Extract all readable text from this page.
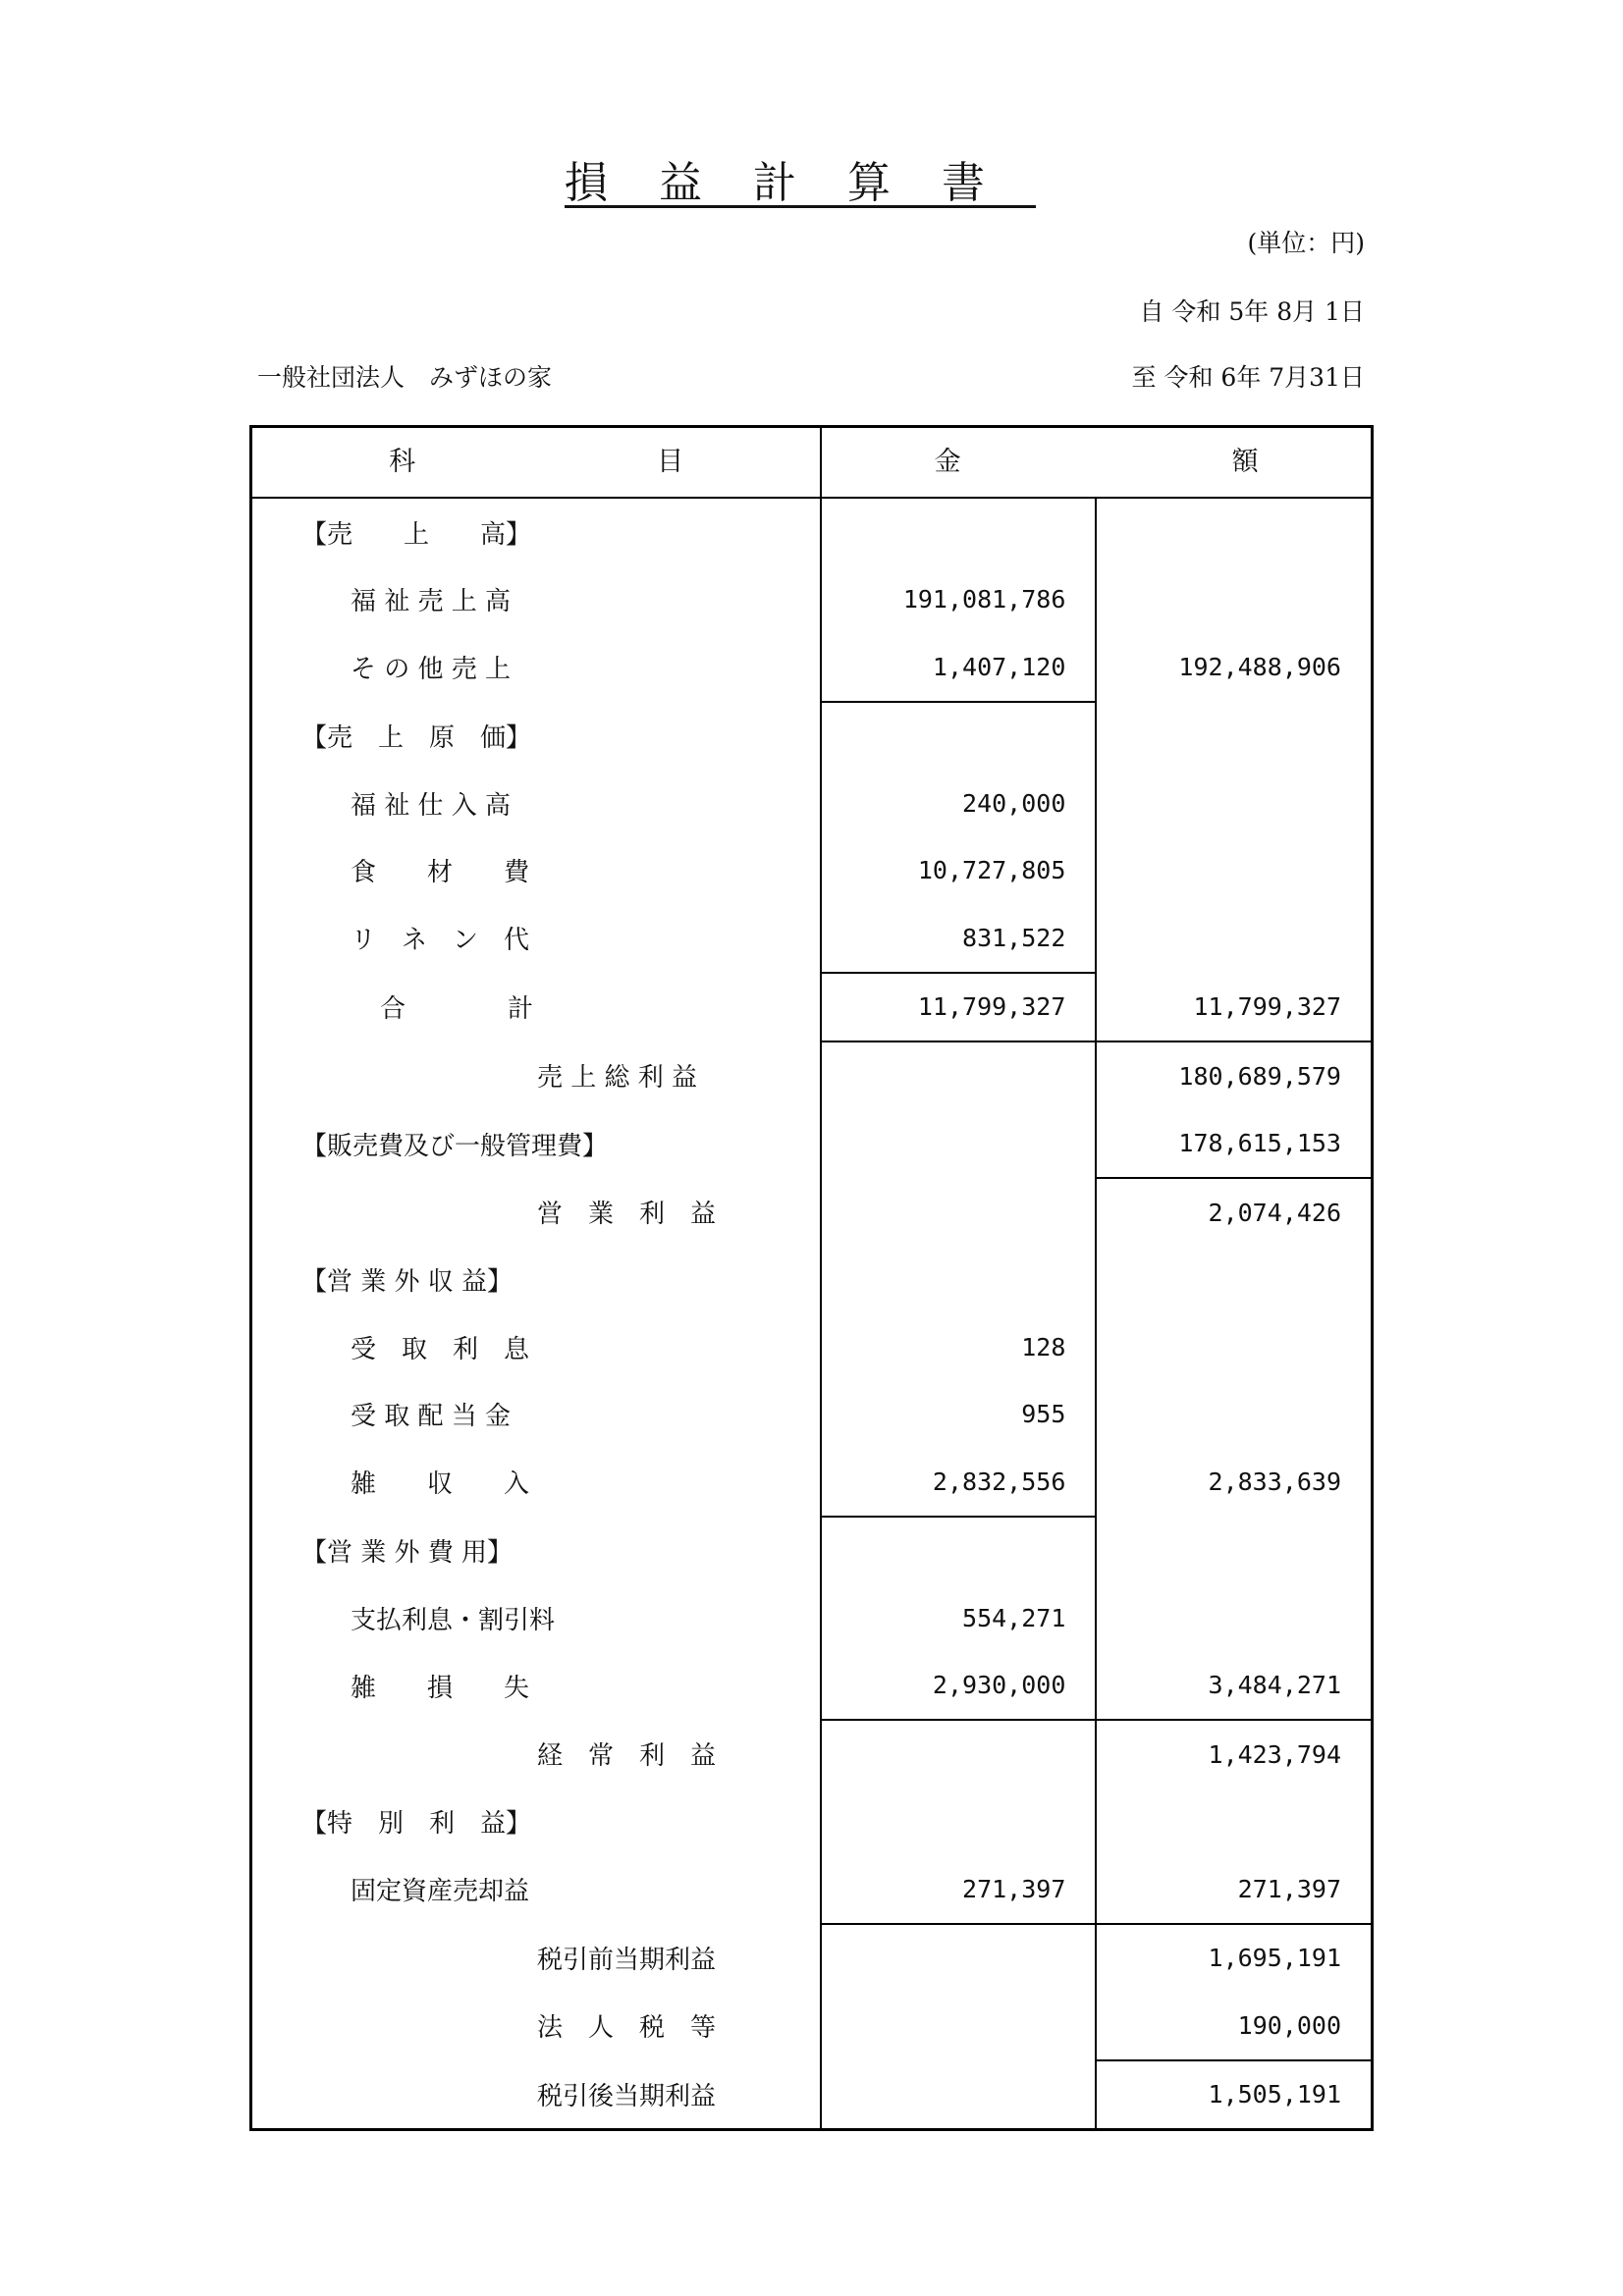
損益計算書
(単位：円)
自 令和 5年 8月 1日
至 令和 6年 7月31日
一般社団法人　みずほの家
科 目	金 額	

【売　　上　　高】		
福 祉 売 上 高	191,081,786	
そ の 他 売 上	1,407,120	192,488,906
【売　上　原　価】		
福 祉 仕 入 高	240,000	
食　　材　　費	10,727,805	
リ　ネ　ン　代	831,522	
合　　　　計	11,799,327	11,799,327
売 上 総 利 益		180,689,579
【販売費及び一般管理費】		178,615,153
営　業　利　益		2,074,426
【営 業 外 収 益】		
受　取　利　息	128	
受 取 配 当 金	955	
雑　　収　　入	2,832,556	2,833,639
【営 業 外 費 用】		
支払利息・割引料	554,271	
雑　　損　　失	2,930,000	3,484,271
経　常　利　益		1,423,794
【特　別　利　益】		
固定資産売却益	271,397	271,397
税引前当期利益		1,695,191
法　人　税　等		190,000
税引後当期利益		1,505,191
